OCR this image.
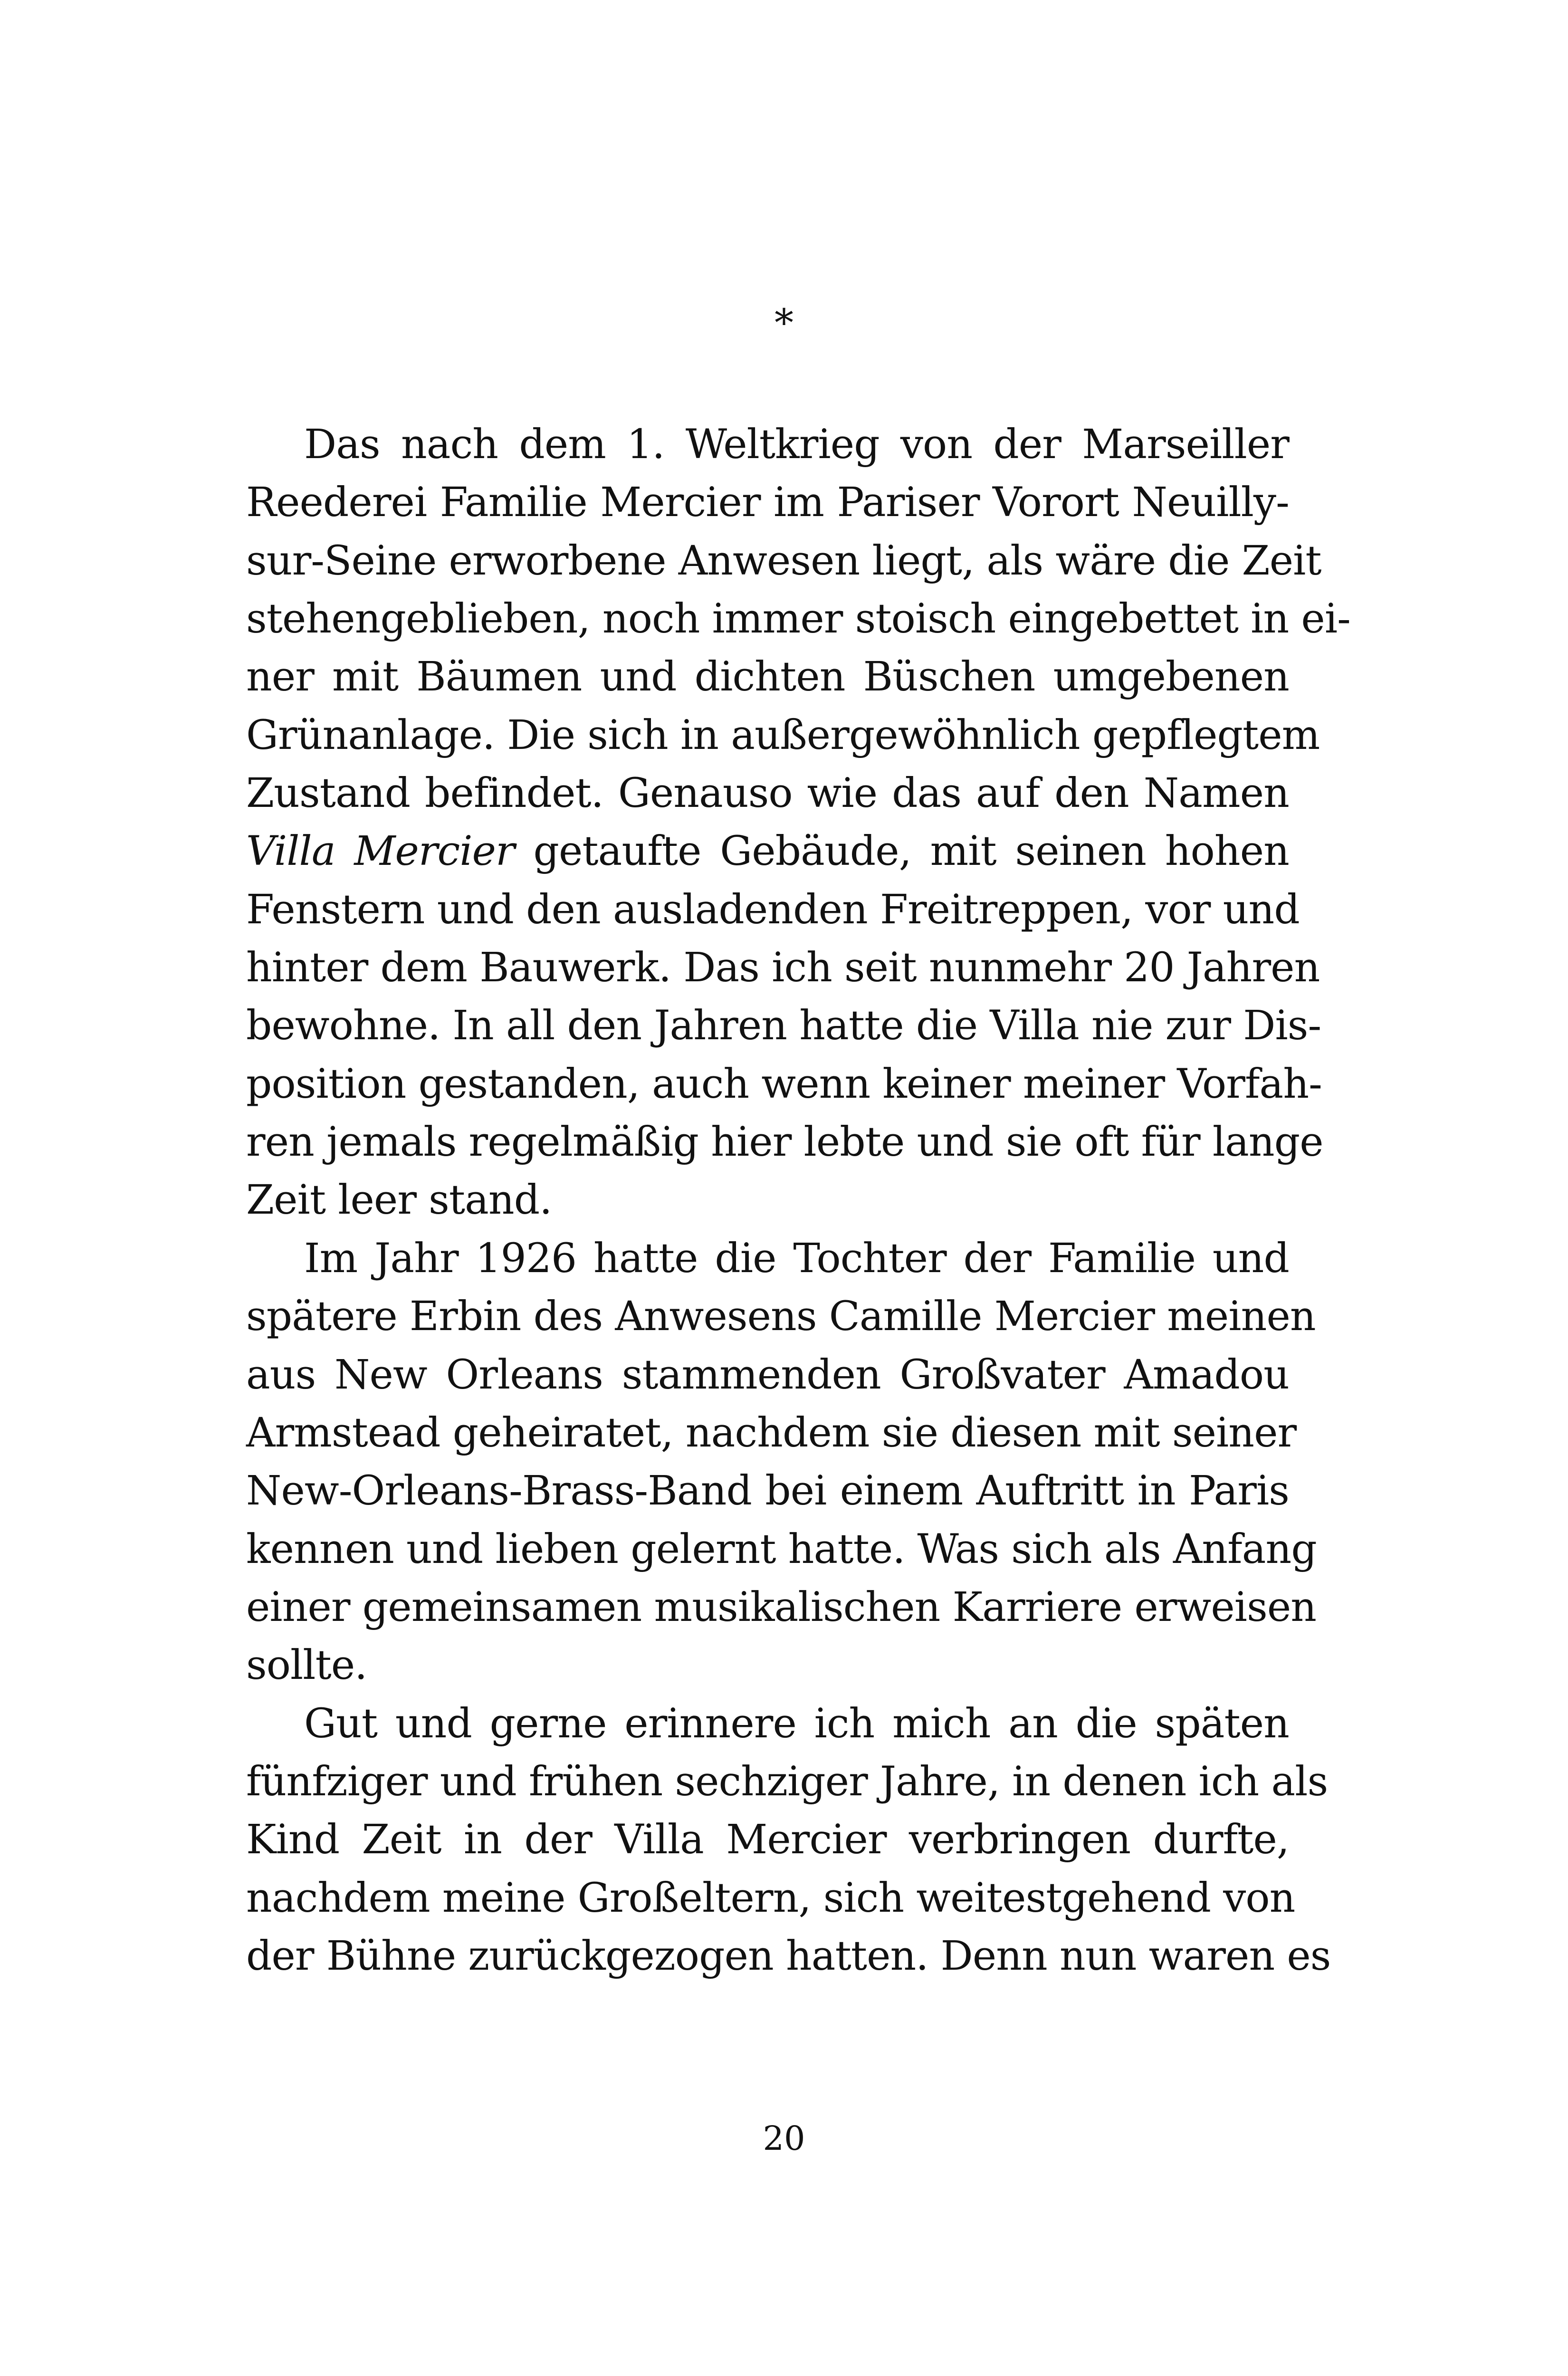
*
Das nach dem 1. Weltkrieg von der Marseiller
Reederei Familie Mercier im Pariser Vorort Neuilly-
sur-Seine erworbene Anwesen liegt, als wäre die Zeit
stehengeblieben, noch immer stoisch eingebettet in ei-
ner mit Bäumen und dichten Büschen umgebenen
Grünanlage. Die sich in außergewöhnlich gepflegtem
Zustand befindet. Genauso wie das auf den Namen
Villa Mercier getaufte Gebäude, mit seinen hohen
Fenstern und den ausladenden Freitreppen, vor und
hinter dem Bauwerk. Das ich seit nunmehr 20 Jahren
bewohne. In all den Jahren hatte die Villa nie zur Dis-
position gestanden, auch wenn keiner meiner Vorfah-
ren jemals regelmäßig hier lebte und sie oft für lange
Zeit leer stand.
Im Jahr 1926 hatte die Tochter der Familie und
spätere Erbin des Anwesens Camille Mercier meinen
aus New Orleans stammenden Großvater Amadou
Armstead geheiratet, nachdem sie diesen mit seiner
New-Orleans-Brass-Band bei einem Auftritt in Paris
kennen und lieben gelernt hatte. Was sich als Anfang
einer gemeinsamen musikalischen Karriere erweisen
sollte.
Gut und gerne erinnere ich mich an die späten
fünfziger und frühen sechziger Jahre, in denen ich als
Kind Zeit in der Villa Mercier verbringen durfte,
nachdem meine Großeltern, sich weitestgehend von
der Bühne zurückgezogen hatten. Denn nun waren es
20
